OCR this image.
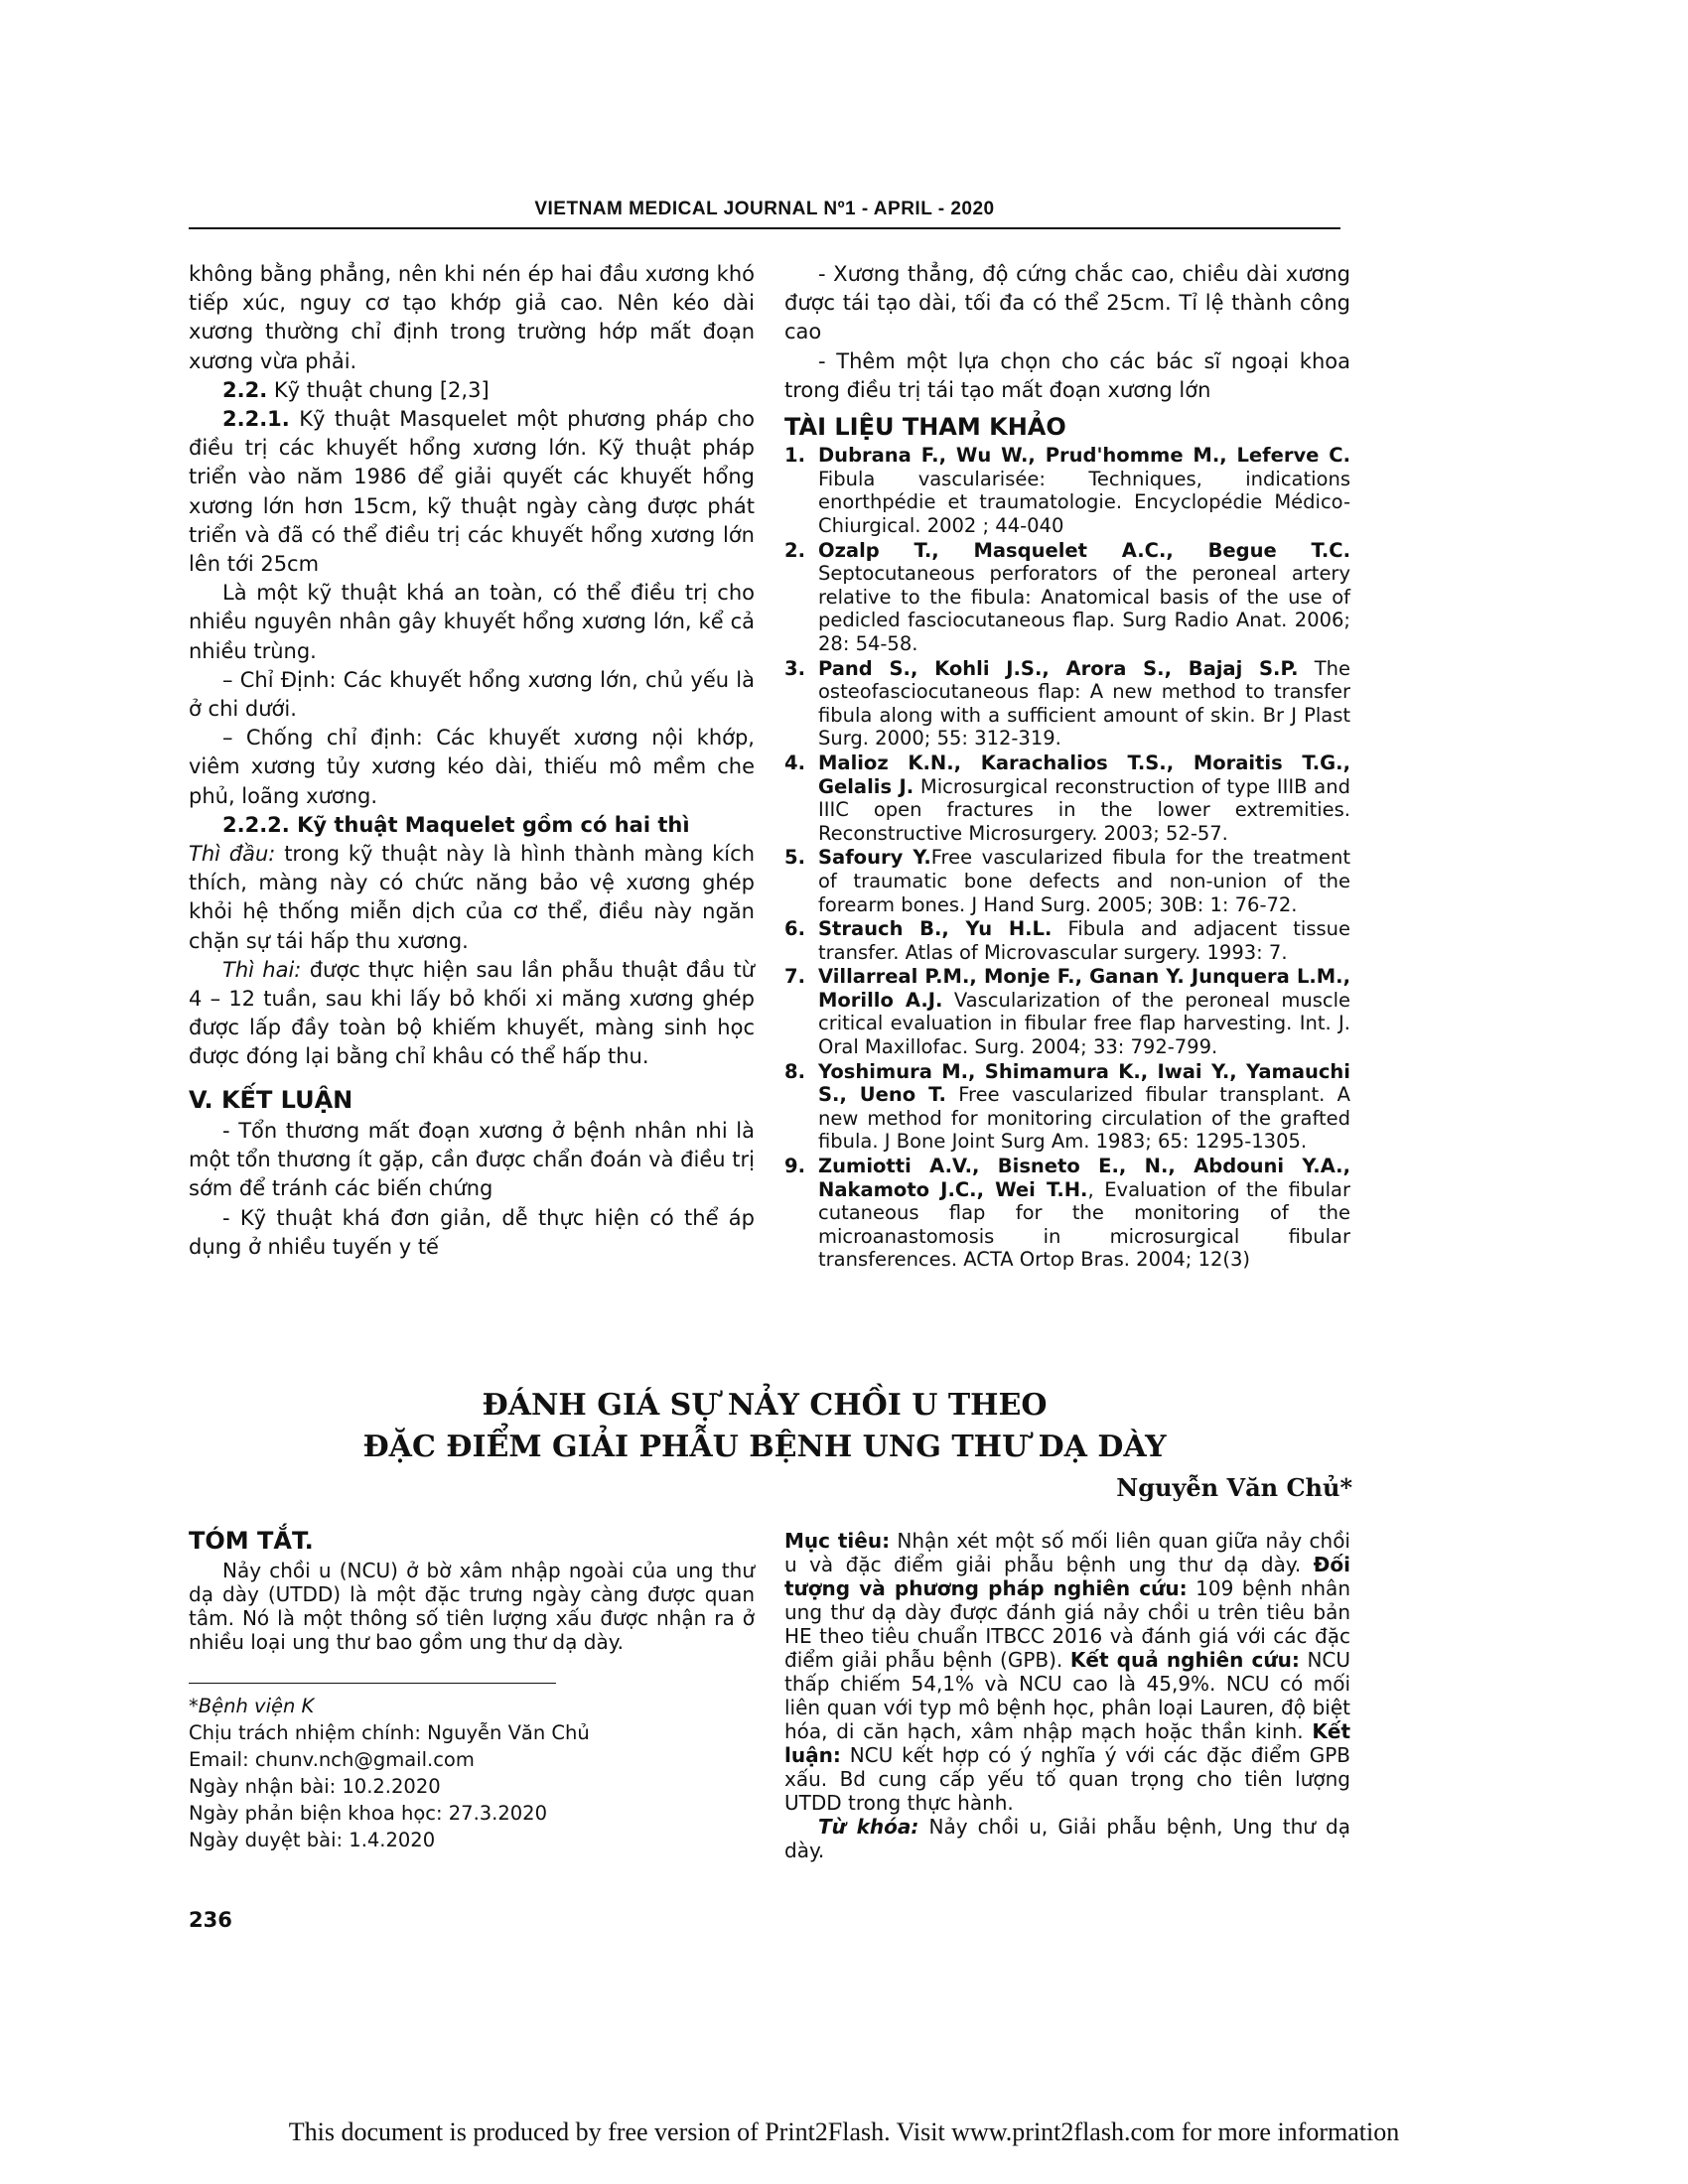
VIETNAM MEDICAL JOURNAL Nº1 - APRIL - 2020

không bằng phẳng, nên khi nén ép hai đầu xương khó tiếp xúc, nguy cơ tạo khớp giả cao. Nên kéo dài xương thường chỉ định trong trường hớp mất đoạn xương vừa phải.

2.2. Kỹ thuật chung [2,3]

2.2.1. Kỹ thuật Masquelet một phương pháp cho điều trị các khuyết hổng xương lớn. Kỹ thuật pháp triển vào năm 1986 để giải quyết các khuyết hổng xương lớn hơn 15cm, kỹ thuật ngày càng được phát triển và đã có thể điều trị các khuyết hổng xương lớn lên tới 25cm

Là một kỹ thuật khá an toàn, có thể điều trị cho nhiều nguyên nhân gây khuyết hổng xương lớn, kể cả nhiều trùng.

– Chỉ Định: Các khuyết hổng xương lớn, chủ yếu là ở chi dưới.

– Chống chỉ định: Các khuyết xương nội khớp, viêm xương tủy xương kéo dài, thiếu mô mềm che phủ, loãng xương.

2.2.2. Kỹ thuật Maquelet gồm có hai thì

Thì đầu: trong kỹ thuật này là hình thành màng kích thích, màng này có chức năng bảo vệ xương ghép khỏi hệ thống miễn dịch của cơ thể, điều này ngăn chặn sự tái hấp thu xương.

Thì hai: được thực hiện sau lần phẫu thuật đầu từ 4 – 12 tuần, sau khi lấy bỏ khối xi măng xương ghép được lấp đầy toàn bộ khiếm khuyết, màng sinh học được đóng lại bằng chỉ khâu có thể hấp thu.

V. KẾT LUẬN

- Tổn thương mất đoạn xương ở bệnh nhân nhi là một tổn thương ít gặp, cần được chẩn đoán và điều trị sớm để tránh các biến chứng

- Kỹ thuật khá đơn giản, dễ thực hiện có thể áp dụng ở nhiều tuyến y tế

- Xương thẳng, độ cứng chắc cao, chiều dài xương được tái tạo dài, tối đa có thể 25cm. Tỉ lệ thành công cao

- Thêm một lựa chọn cho các bác sĩ ngoại khoa trong điều trị tái tạo mất đoạn xương lớn

TÀI LIỆU THAM KHẢO
1. Dubrana F., Wu W., Prud'homme M., Leferve C. Fibula vascularisée: Techniques, indications enorthpédie et traumatologie. Encyclopédie Médico-Chiurgical. 2002 ; 44-040
2. Ozalp T., Masquelet A.C., Begue T.C. Septocutaneous perforators of the peroneal artery relative to the fibula: Anatomical basis of the use of pedicled fasciocutaneous flap. Surg Radio Anat. 2006; 28: 54-58.
3. Pand S., Kohli J.S., Arora S., Bajaj S.P. The osteofasciocutaneous flap: A new method to transfer fibula along with a sufficient amount of skin. Br J Plast Surg. 2000; 55: 312-319.
4. Malioz K.N., Karachalios T.S., Moraitis T.G., Gelalis J. Microsurgical reconstruction of type IIIB and IIIC open fractures in the lower extremities. Reconstructive Microsurgery. 2003; 52-57.
5. Safoury Y.Free vascularized fibula for the treatment of traumatic bone defects and non-union of the forearm bones. J Hand Surg. 2005; 30B: 1: 76-72.
6. Strauch B., Yu H.L. Fibula and adjacent tissue transfer. Atlas of Microvascular surgery. 1993: 7.
7. Villarreal P.M., Monje F., Ganan Y. Junquera L.M., Morillo A.J. Vascularization of the peroneal muscle critical evaluation in fibular free flap harvesting. Int. J. Oral Maxillofac. Surg. 2004; 33: 792-799.
8. Yoshimura M., Shimamura K., Iwai Y., Yamauchi S., Ueno T. Free vascularized fibular transplant. A new method for monitoring circulation of the grafted fibula. J Bone Joint Surg Am. 1983; 65: 1295-1305.
9. Zumiotti A.V., Bisneto E., N., Abdouni Y.A., Nakamoto J.C., Wei T.H., Evaluation of the fibular cutaneous flap for the monitoring of the microanastomosis in microsurgical fibular transferences. ACTA Ortop Bras. 2004; 12(3)
ĐÁNH GIÁ SỰ NẢY CHỒI U THEO
ĐẶC ĐIỂM GIẢI PHẪU BỆNH UNG THƯ DẠ DÀY
Nguyễn Văn Chủ*
TÓM TẮT.

Nảy chồi u (NCU) ở bờ xâm nhập ngoài của ung thư dạ dày (UTDD) là một đặc trưng ngày càng được quan tâm. Nó là một thông số tiên lượng xấu được nhận ra ở nhiều loại ung thư bao gồm ung thư dạ dày.

Mục tiêu: Nhận xét một số mối liên quan giữa nảy chồi u và đặc điểm giải phẫu bệnh ung thư dạ dày. Đối tượng và phương pháp nghiên cứu: 109 bệnh nhân ung thư dạ dày được đánh giá nảy chồi u trên tiêu bản HE theo tiêu chuẩn ITBCC 2016 và đánh giá với các đặc điểm giải phẫu bệnh (GPB). Kết quả nghiên cứu: NCU thấp chiếm 54,1% và NCU cao là 45,9%. NCU có mối liên quan với typ mô bệnh học, phân loại Lauren, độ biệt hóa, di căn hạch, xâm nhập mạch hoặc thần kinh. Kết luận: NCU kết hợp có ý nghĩa ý với các đặc điểm GPB xấu. Bd cung cấp yếu tố quan trọng cho tiên lượng UTDD trong thực hành.

Từ khóa: Nảy chồi u, Giải phẫu bệnh, Ung thư dạ dày.

*Bệnh viện K
Chịu trách nhiệm chính: Nguyễn Văn Chủ
Email: chunv.nch@gmail.com
Ngày nhận bài: 10.2.2020
Ngày phản biện khoa học: 27.3.2020
Ngày duyệt bài: 1.4.2020
236
This document is produced by free version of Print2Flash. Visit www.print2flash.com for more information
